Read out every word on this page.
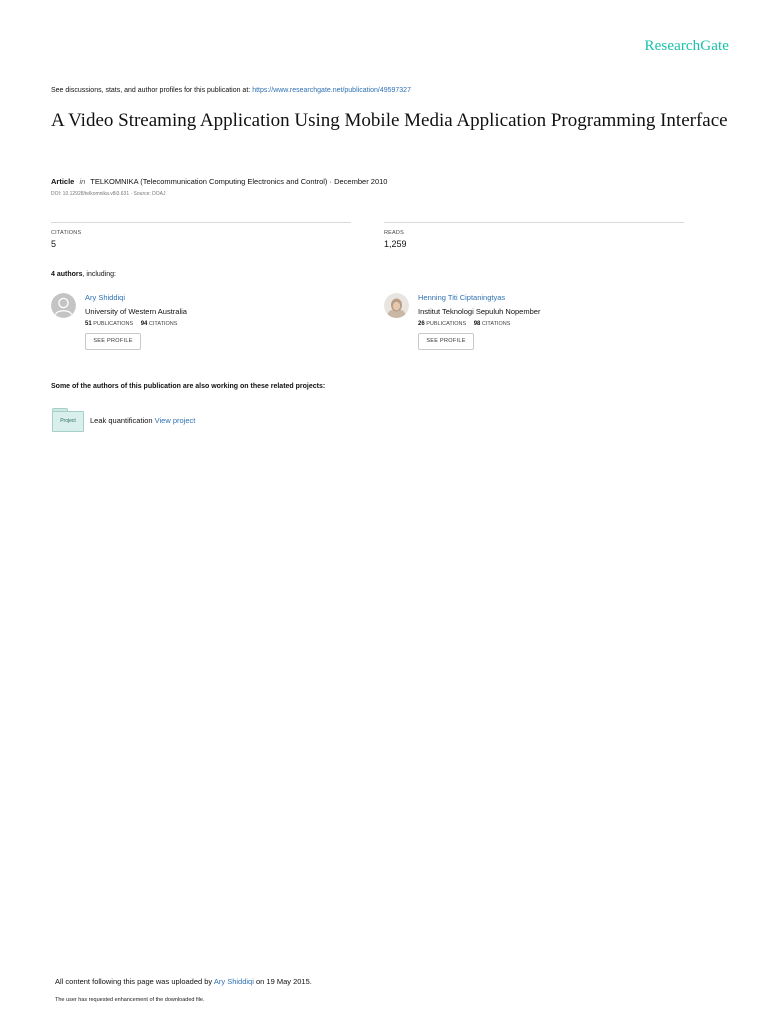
ResearchGate
See discussions, stats, and author profiles for this publication at: https://www.researchgate.net/publication/49597327
A Video Streaming Application Using Mobile Media Application Programming Interface
Article in TELKOMNIKA (Telecommunication Computing Electronics and Control) · December 2010
DOI: 10.12928/telkomnika.v8i3.631 · Source: DOAJ
CITATIONS
5
READS
1,259
4 authors, including:
Ary Shiddiqi
University of Western Australia
51 PUBLICATIONS 94 CITATIONS
SEE PROFILE
Henning Titi Ciptaningtyas
Institut Teknologi Sepuluh Nopember
26 PUBLICATIONS 98 CITATIONS
SEE PROFILE
Some of the authors of this publication are also working on these related projects:
Project	Leak quantification View project
All content following this page was uploaded by Ary Shiddiqi on 19 May 2015.
The user has requested enhancement of the downloaded file.
